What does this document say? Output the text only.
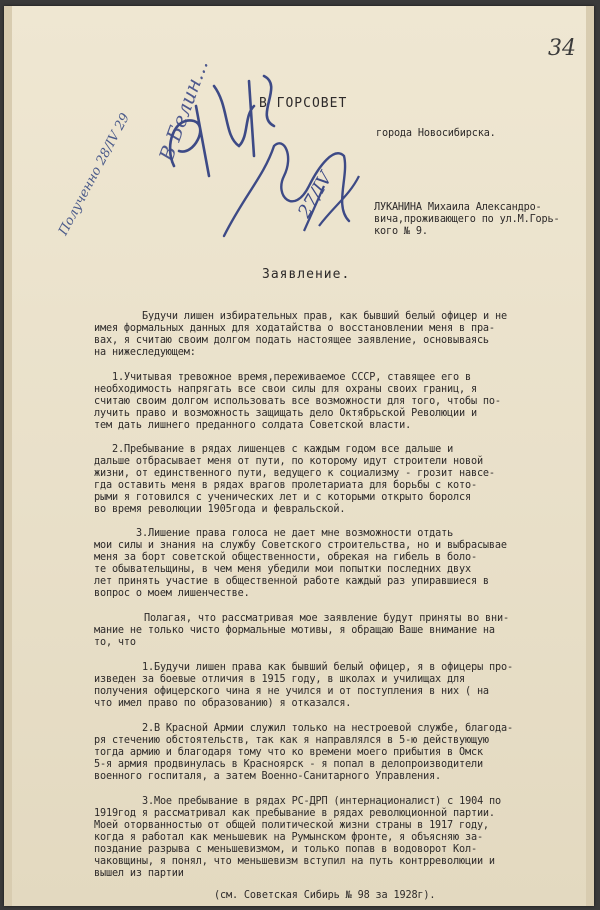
34
Полученно 28/IV 29
В ГОРСОВЕТ
города Новосибирска.
ЛУКАНИНА Михаила Александро-
вича,проживающего по ул.М.Горь-
кого № 9.
Заявление.
Будучи лишен избирательных прав, как бывший белый офицер и не
имея формальных данных для ходатайства о восстановлении меня в пра-
вах, я считаю своим долгом подать настоящее заявление, основываясь
на нижеследующем:
1.Учитывая тревожное время,переживаемое СССР, ставящее его в
необходимость напрягать все свои силы для охраны своих границ, я
считаю своим долгом использовать все возможности для того, чтобы по-
лучить право и возможность защищать дело Октябрьской Революции и
тем дать лишнего преданного солдата Советской власти.
2.Пребывание в рядах лишенцев с каждым годом все дальше и
дальше отбрасывает меня от пути, по которому идут строители новой
жизни, от единственного пути, ведущего к социализму - грозит навсе-
гда оставить меня в рядах врагов пролетариата для борьбы с кото-
рыми я готовился с ученических лет и с которыми открыто боролся
во время революции 1905года и февральской.
3.Лишение права голоса не дает мне возможности отдать
мои силы и знания на службу Советского строительства, но и выбрасывае
меня за борт советской общественности, обрекая на гибель в боло-
те обывательщины, в чем меня убедили мои попытки последних двух
лет принять участие в общественной работе каждый раз упиравшиеся в
вопрос о моем лишенчестве.
Полагая, что рассматривая мое заявление будут приняты во вни-
мание не только чисто формальные мотивы, я обращаю Ваше внимание на
то, что
1.Будучи лишен права как бывший белый офицер, я в офицеры про-
изведен за боевые отличия в 1915 году, в школах и училищах для
получения офицерского чина я не учился и от поступления в них ( на
что имел право по образованию) я отказался.
2.В Красной Армии служил только на нестроевой службе, благода-
ря стечению обстоятельств, так как я направлялся в 5-ю действующую
тогда армию и благодаря тому что ко времени моего прибытия в Омск
5-я армия продвинулась в Красноярск - я попал в делопроизводители
военного госпиталя, а затем Военно-Санитарного Управления.
3.Мое пребывание в рядах РС-ДРП (интернационалист) с 1904 по
1919год я рассматривал как пребывание в рядах революционной партии.
Моей оторванностью от общей политической жизни страны в 1917 году,
когда я работал как меньшевик на Румынском фронте, я объясняю за-
поздание разрыва с меньшевизмом, и только попав в водоворот Кол-
чаковщины, я понял, что меньшевизм вступил на путь контрреволюции и
вышел из партии
(см. Советская Сибирь № 98 за 1928г).
В Белин…
27/IV
